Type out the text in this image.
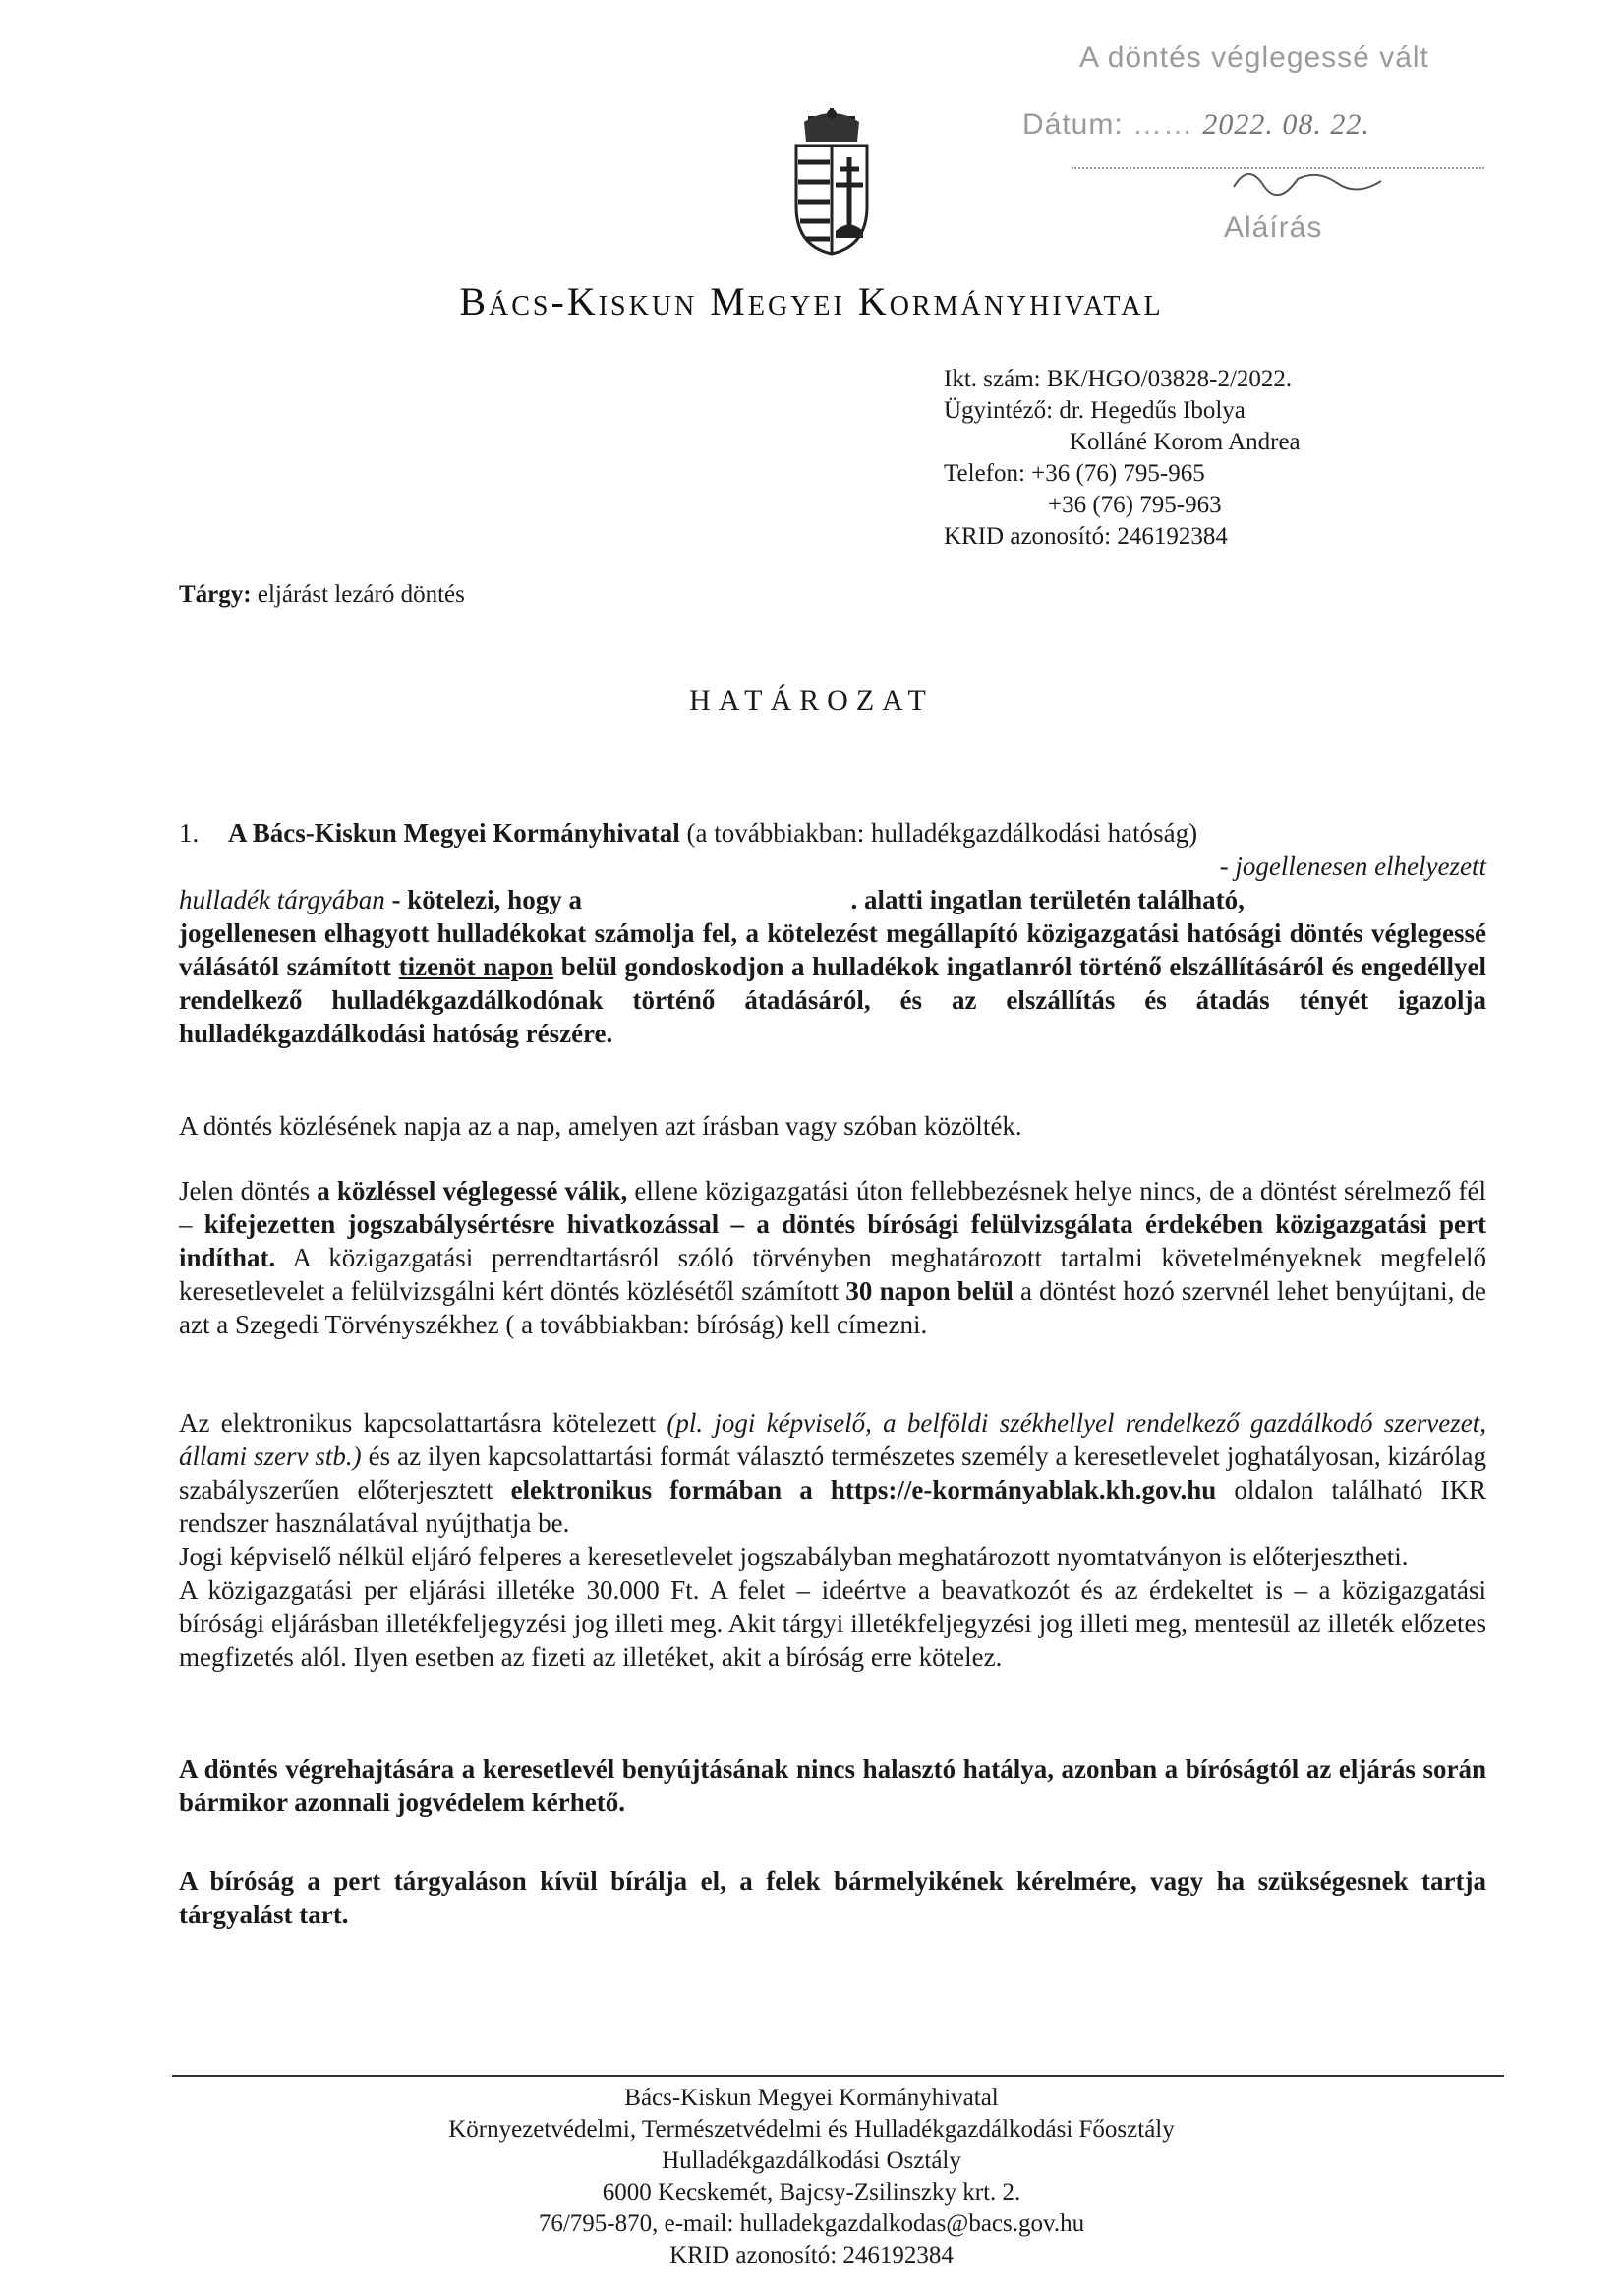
A döntés véglegessé vált
Dátum: …… 2022. 08. 22.
Aláírás
Bács-Kiskun Megyei Kormányhivatal
Ikt. szám: BK/HGO/03828-2/2022.
Ügyintéző: dr. Hegedűs Ibolya
Kolláné Korom Andrea
Telefon: +36 (76) 795-965
+36 (76) 795-963
KRID azonosító: 246192384
Tárgy: eljárást lezáró döntés
HATÁROZAT
1. A Bács-Kiskun Megyei Kormányhivatal (a továbbiakban: hulladékgazdálkodási hatóság)
- jogellenesen elhelyezett
hulladék tárgyában - kötelezi, hogy a	. alatti ingatlan területén található,
jogellenesen elhagyott hulladékokat számolja fel, a kötelezést megállapító közigazgatási hatósági döntés véglegessé válásától számított tizenöt napon belül gondoskodjon a hulladékok ingatlanról történő elszállításáról és engedéllyel rendelkező hulladékgazdálkodónak történő átadásáról, és az elszállítás és átadás tényét igazolja hulladékgazdálkodási hatóság részére.
A döntés közlésének napja az a nap, amelyen azt írásban vagy szóban közölték.
Jelen döntés a közléssel véglegessé válik, ellene közigazgatási úton fellebbezésnek helye nincs, de a döntést sérelmező fél – kifejezetten jogszabálysértésre hivatkozással – a döntés bírósági felülvizsgálata érdekében közigazgatási pert indíthat. A közigazgatási perrendtartásról szóló törvényben meghatározott tartalmi követelményeknek megfelelő keresetlevelet a felülvizsgálni kért döntés közlésétől számított 30 napon belül a döntést hozó szervnél lehet benyújtani, de azt a Szegedi Törvényszékhez ( a továbbiakban: bíróság) kell címezni.

Az elektronikus kapcsolattartásra kötelezett (pl. jogi képviselő, a belföldi székhellyel rendelkező gazdálkodó szervezet, állami szerv stb.) és az ilyen kapcsolattartási formát választó természetes személy a keresetlevelet joghatályosan, kizárólag szabályszerűen előterjesztett elektronikus formában a https://e-kormányablak.kh.gov.hu oldalon található IKR rendszer használatával nyújthatja be.

Jogi képviselő nélkül eljáró felperes a keresetlevelet jogszabályban meghatározott nyomtatványon is előterjesztheti.

A közigazgatási per eljárási illetéke 30.000 Ft. A felet – ideértve a beavatkozót és az érdekeltet is – a közigazgatási bírósági eljárásban illetékfeljegyzési jog illeti meg. Akit tárgyi illetékfeljegyzési jog illeti meg, mentesül az illeték előzetes megfizetés alól. Ilyen esetben az fizeti az illetéket, akit a bíróság erre kötelez.

A döntés végrehajtására a keresetlevél benyújtásának nincs halasztó hatálya, azonban a bíróságtól az eljárás során bármikor azonnali jogvédelem kérhető.
A bíróság a pert tárgyaláson kívül bírálja el, a felek bármelyikének kérelmére, vagy ha szükségesnek tartja tárgyalást tart.
Bács-Kiskun Megyei Kormányhivatal
Környezetvédelmi, Természetvédelmi és Hulladékgazdálkodási Főosztály
Hulladékgazdálkodási Osztály
6000 Kecskemét, Bajcsy-Zsilinszky krt. 2.
76/795-870, e-mail: hulladekgazdalkodas@bacs.gov.hu
KRID azonosító: 246192384
